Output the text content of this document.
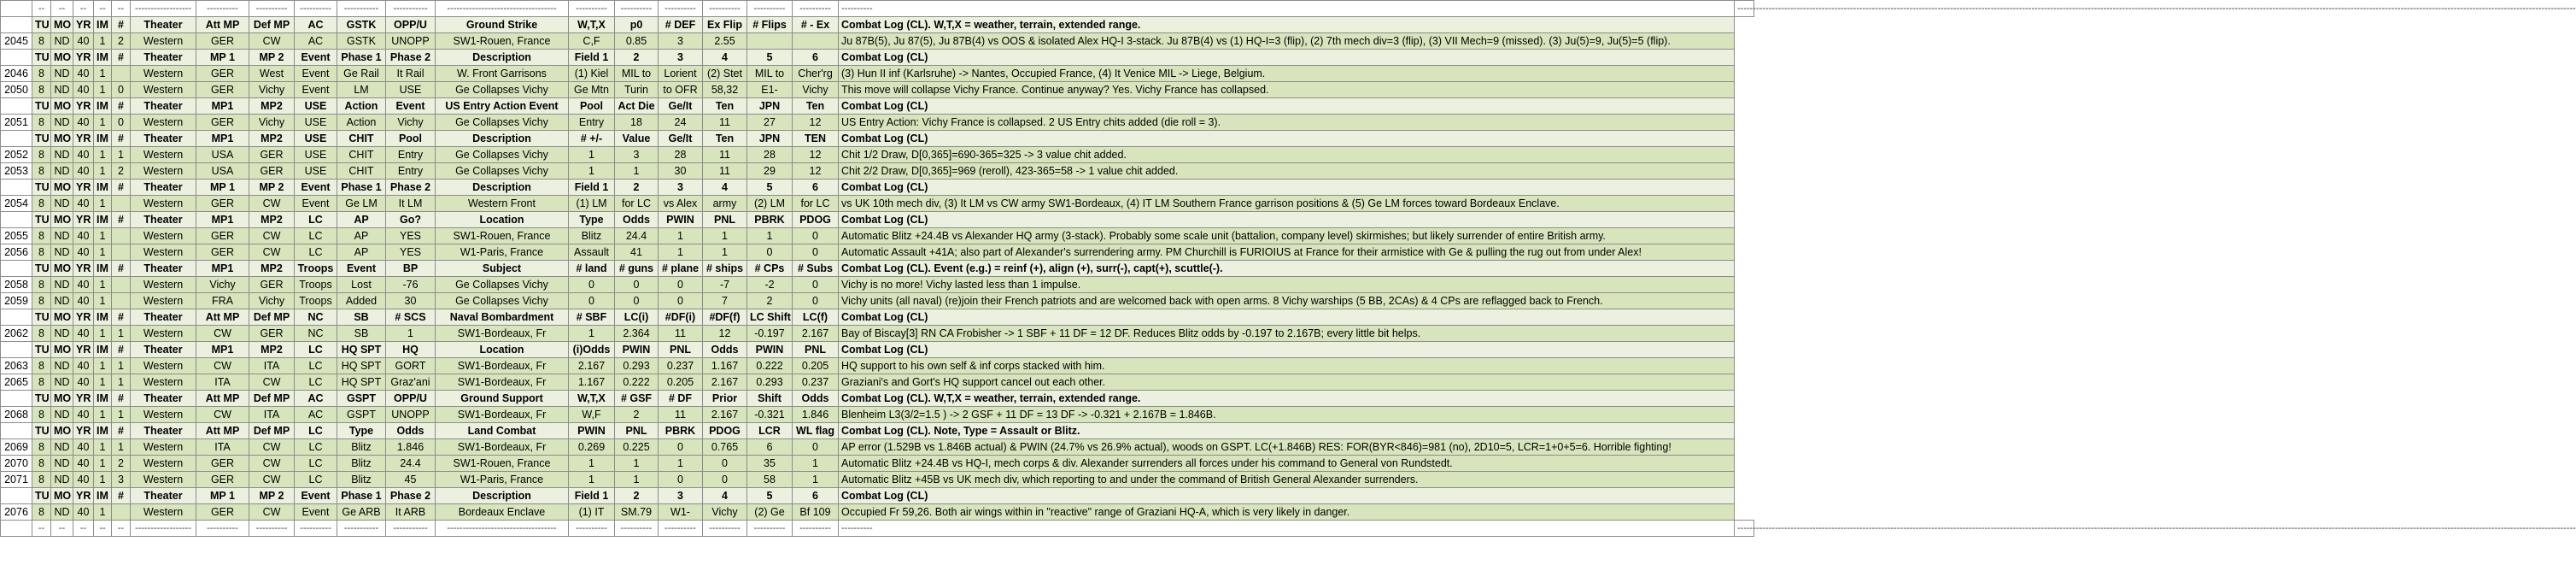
	--	--	--	--	--	------------------	----------	----------	----------	-----------	-----------	-----------------------------------	----------	----------	----------	----------	----------	----------	----------	----------------------------------------------------------------------------------------------------------------------------------------------------------------------------------------------------------------------------------------------------------------------------
	TU	MO	YR	IM	#	Theater	Att MP	Def MP	AC	GSTK	OPP/U	Ground Strike	W,T,X	p0	# DEF	Ex Flip	# Flips	# - Ex	Combat Log (CL). W,T,X = weather, terrain, extended range.	
2045	8	ND	40	1	2	Western	GER	CW	AC	GSTK	UNOPP	SW1-Rouen, France	C,F	0.85	3	2.55			Ju 87B(5), Ju 87(5), Ju 87B(4) vs OOS & isolated Alex HQ-I 3-stack. Ju 87B(4) vs (1) HQ-I=3 (flip), (2) 7th mech div=3 (flip), (3) VII Mech=9 (missed). (3) Ju(5)=9, Ju(5)=5 (flip).	
	TU	MO	YR	IM	#	Theater	MP 1	MP 2	Event	Phase 1	Phase 2	Description	Field 1	2	3	4	5	6	Combat Log (CL)	
2046	8	ND	40	1		Western	GER	West	Event	Ge Rail	It Rail	W. Front Garrisons	(1) Kiel	MIL to	Lorient	(2) Stet	MIL to	Cher'rg	(3) Hun II inf (Karlsruhe) -> Nantes, Occupied France, (4) It Venice MIL -> Liege, Belgium.	
2050	8	ND	40	1	0	Western	GER	Vichy	Event	LM	USE	Ge Collapses Vichy	Ge Mtn	Turin	to OFR	58,32	E1-	Vichy	This move will collapse Vichy France. Continue anyway? Yes. Vichy France has collapsed.	
	TU	MO	YR	IM	#	Theater	MP1	MP2	USE	Action	Event	US Entry Action Event	Pool	Act Die	Ge/It	Ten	JPN	Ten	Combat Log (CL)	
2051	8	ND	40	1	0	Western	GER	Vichy	USE	Action	Vichy	Ge Collapses Vichy	Entry	18	24	11	27	12	US Entry Action: Vichy France is collapsed. 2 US Entry chits added (die roll = 3).	
	TU	MO	YR	IM	#	Theater	MP1	MP2	USE	CHIT	Pool	Description	# +/-	Value	Ge/It	Ten	JPN	TEN	Combat Log (CL)	
2052	8	ND	40	1	1	Western	USA	GER	USE	CHIT	Entry	Ge Collapses Vichy	1	3	28	11	28	12	Chit 1/2 Draw, D[0,365]=690-365=325 -> 3 value chit added.	
2053	8	ND	40	1	2	Western	USA	GER	USE	CHIT	Entry	Ge Collapses Vichy	1	1	30	11	29	12	Chit 2/2 Draw, D[0,365]=969 (reroll), 423-365=58 -> 1 value chit added.	
	TU	MO	YR	IM	#	Theater	MP 1	MP 2	Event	Phase 1	Phase 2	Description	Field 1	2	3	4	5	6	Combat Log (CL)	
2054	8	ND	40	1		Western	GER	CW	Event	Ge LM	It LM	Western Front	(1) LM	for LC	vs Alex	army	(2) LM	for LC	vs UK 10th mech div, (3) It LM vs CW army SW1-Bordeaux, (4) IT LM Southern France garrison positions & (5) Ge LM forces toward Bordeaux Enclave.	
	TU	MO	YR	IM	#	Theater	MP1	MP2	LC	AP	Go?	Location	Type	Odds	PWIN	PNL	PBRK	PDOG	Combat Log (CL)	
2055	8	ND	40	1		Western	GER	CW	LC	AP	YES	SW1-Rouen, France	Blitz	24.4	1	1	1	0	Automatic Blitz +24.4B vs Alexander HQ army (3-stack). Probably some scale unit (battalion, company level) skirmishes; but likely surrender of entire British army.	
2056	8	ND	40	1		Western	GER	CW	LC	AP	YES	W1-Paris, France	Assault	41	1	1	0	0	Automatic Assault +41A; also part of Alexander's surrendering army. PM Churchill is FURIOIUS at France for their armistice with Ge & pulling the rug out from under Alex!	
	TU	MO	YR	IM	#	Theater	MP1	MP2	Troops	Event	BP	Subject	# land	# guns	# plane	# ships	# CPs	# Subs	Combat Log (CL). Event (e.g.) = reinf (+), align (+), surr(-), capt(+), scuttle(-).	
2058	8	ND	40	1		Western	Vichy	GER	Troops	Lost	-76	Ge Collapses Vichy	0	0	0	-7	-2	0	Vichy is no more! Vichy lasted less than 1 impulse.	
2059	8	ND	40	1		Western	FRA	Vichy	Troops	Added	30	Ge Collapses Vichy	0	0	0	7	2	0	Vichy units (all naval) (re)join their French patriots and are welcomed back with open arms. 8 Vichy warships (5 BB, 2CAs) & 4 CPs are reflagged back to French.	
	TU	MO	YR	IM	#	Theater	Att MP	Def MP	NC	SB	# SCS	Naval Bombardment	# SBF	LC(i)	#DF(i)	#DF(f)	LC Shift	LC(f)	Combat Log (CL)	
2062	8	ND	40	1	1	Western	CW	GER	NC	SB	1	SW1-Bordeaux, Fr	1	2.364	11	12	-0.197	2.167	Bay of Biscay[3] RN CA Frobisher -> 1 SBF + 11 DF = 12 DF. Reduces Blitz odds by -0.197 to 2.167B; every little bit helps.	
	TU	MO	YR	IM	#	Theater	MP1	MP2	LC	HQ SPT	HQ	Location	(i)Odds	PWIN	PNL	Odds	PWIN	PNL	Combat Log (CL)	
2063	8	ND	40	1	1	Western	CW	ITA	LC	HQ SPT	GORT	SW1-Bordeaux, Fr	2.167	0.293	0.237	1.167	0.222	0.205	HQ support to his own self & inf corps stacked with him.	
2065	8	ND	40	1	1	Western	ITA	CW	LC	HQ SPT	Graz'ani	SW1-Bordeaux, Fr	1.167	0.222	0.205	2.167	0.293	0.237	Graziani's and Gort's HQ support cancel out each other.	
	TU	MO	YR	IM	#	Theater	Att MP	Def MP	AC	GSPT	OPP/U	Ground Support	W,T,X	# GSF	# DF	Prior	Shift	Odds	Combat Log (CL). W,T,X = weather, terrain, extended range.	
2068	8	ND	40	1	1	Western	CW	ITA	AC	GSPT	UNOPP	SW1-Bordeaux, Fr	W,F	2	11	2.167	-0.321	1.846	Blenheim L3(3/2=1.5 ) -> 2 GSF + 11 DF = 13 DF -> -0.321 + 2.167B = 1.846B.	
	TU	MO	YR	IM	#	Theater	Att MP	Def MP	LC	Type	Odds	Land Combat	PWIN	PNL	PBRK	PDOG	LCR	WL flag	Combat Log (CL). Note, Type = Assault or Blitz.	
2069	8	ND	40	1	1	Western	ITA	CW	LC	Blitz	1.846	SW1-Bordeaux, Fr	0.269	0.225	0	0.765	6	0	AP error (1.529B vs 1.846B actual) & PWIN (24.7% vs 26.9% actual), woods on GSPT. LC(+1.846B) RES: FOR(BYR<846)=981 (no), 2D10=5, LCR=1+0+5=6. Horrible fighting!	
2070	8	ND	40	1	2	Western	GER	CW	LC	Blitz	24.4	SW1-Rouen, France	1	1	1	0	35	1	Automatic Blitz +24.4B vs HQ-I, mech corps & div. Alexander surrenders all forces under his command to General von Rundstedt.	
2071	8	ND	40	1	3	Western	GER	CW	LC	Blitz	45	W1-Paris, France	1	1	0	0	58	1	Automatic Blitz +45B vs UK mech div, which reporting to and under the command of British General Alexander surrenders.	
	TU	MO	YR	IM	#	Theater	MP 1	MP 2	Event	Phase 1	Phase 2	Description	Field 1	2	3	4	5	6	Combat Log (CL)	
2076	8	ND	40	1		Western	GER	CW	Event	Ge ARB	It ARB	Bordeaux Enclave	(1) IT	SM.79	W1-	Vichy	(2) Ge	Bf 109	Occupied Fr 59,26. Both air wings within in "reactive" range of Graziani HQ-A, which is very likely in danger.	
	--	--	--	--	--	------------------	----------	----------	----------	-----------	-----------	-----------------------------------	----------	----------	----------	----------	----------	----------	----------	----------------------------------------------------------------------------------------------------------------------------------------------------------------------------------------------------------------------------------------------------------------------------
